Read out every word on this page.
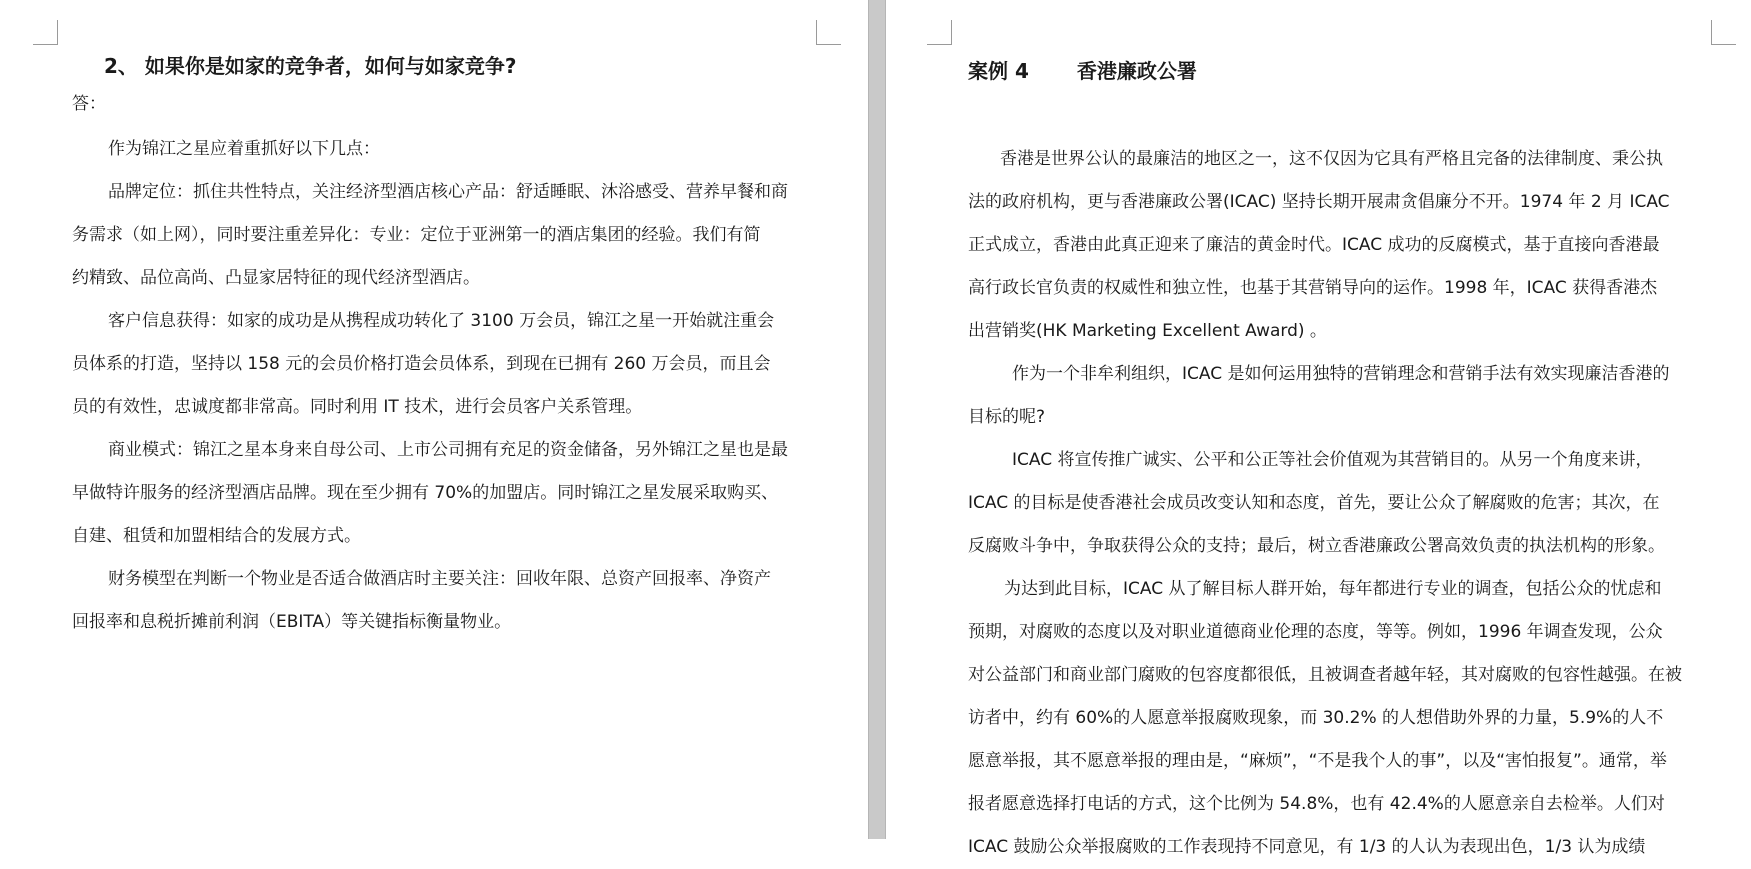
2、 如果你是如家的竞争者，如何与如家竞争?
答：

作为锦江之星应着重抓好以下几点：

品牌定位：抓住共性特点，关注经济型酒店核心产品：舒适睡眠、沐浴感受、营养早餐和商
务需求（如上网），同时要注重差异化：专业：定位于亚洲第一的酒店集团的经验。我们有简
约精致、品位高尚、凸显家居特征的现代经济型酒店。

客户信息获得：如家的成功是从携程成功转化了 3100 万会员，锦江之星一开始就注重会
员体系的打造，坚持以 158 元的会员价格打造会员体系，到现在已拥有 260 万会员，而且会
员的有效性，忠诚度都非常高。同时利用 IT 技术，进行会员客户关系管理。

商业模式：锦江之星本身来自母公司、上市公司拥有充足的资金储备，另外锦江之星也是最
早做特许服务的经济型酒店品牌。现在至少拥有 70%的加盟店。同时锦江之星发展采取购买、
自建、租赁和加盟相结合的发展方式。

财务模型在判断一个物业是否适合做酒店时主要关注：回收年限、总资产回报率、净资产
回报率和息税折摊前利润（EBITA）等关键指标衡量物业。

案例 4 香港廉政公署

香港是世界公认的最廉洁的地区之一，这不仅因为它具有严格且完备的法律制度、秉公执
法的政府机构，更与香港廉政公署(ICAC) 坚持长期开展肃贪倡廉分不开。1974 年 2 月 ICAC
正式成立，香港由此真正迎来了廉洁的黄金时代。ICAC 成功的反腐模式，基于直接向香港最
高行政长官负责的权威性和独立性，也基于其营销导向的运作。1998 年，ICAC 获得香港杰
出营销奖(HK Marketing Excellent Award) 。

作为一个非牟利组织，ICAC 是如何运用独特的营销理念和营销手法有效实现廉洁香港的
目标的呢?

ICAC 将宣传推广诚实、公平和公正等社会价值观为其营销目的。从另一个角度来讲，
ICAC 的目标是使香港社会成员改变认知和态度，首先，要让公众了解腐败的危害；其次，在
反腐败斗争中，争取获得公众的支持；最后，树立香港廉政公署高效负责的执法机构的形象。

为达到此目标，ICAC 从了解目标人群开始，每年都进行专业的调查，包括公众的忧虑和
预期，对腐败的态度以及对职业道德商业伦理的态度，等等。例如，1996 年调查发现，公众
对公益部门和商业部门腐败的包容度都很低，且被调查者越年轻，其对腐败的包容性越强。在被
访者中，约有 60%的人愿意举报腐败现象，而 30.2% 的人想借助外界的力量，5.9%的人不
愿意举报，其不愿意举报的理由是，“麻烦”，“不是我个人的事”，以及“害怕报复”。通常，举
报者愿意选择打电话的方式，这个比例为 54.8%，也有 42.4%的人愿意亲自去检举。人们对
ICAC 鼓励公众举报腐败的工作表现持不同意见，有 1/3 的人认为表现出色，1/3 认为成绩
